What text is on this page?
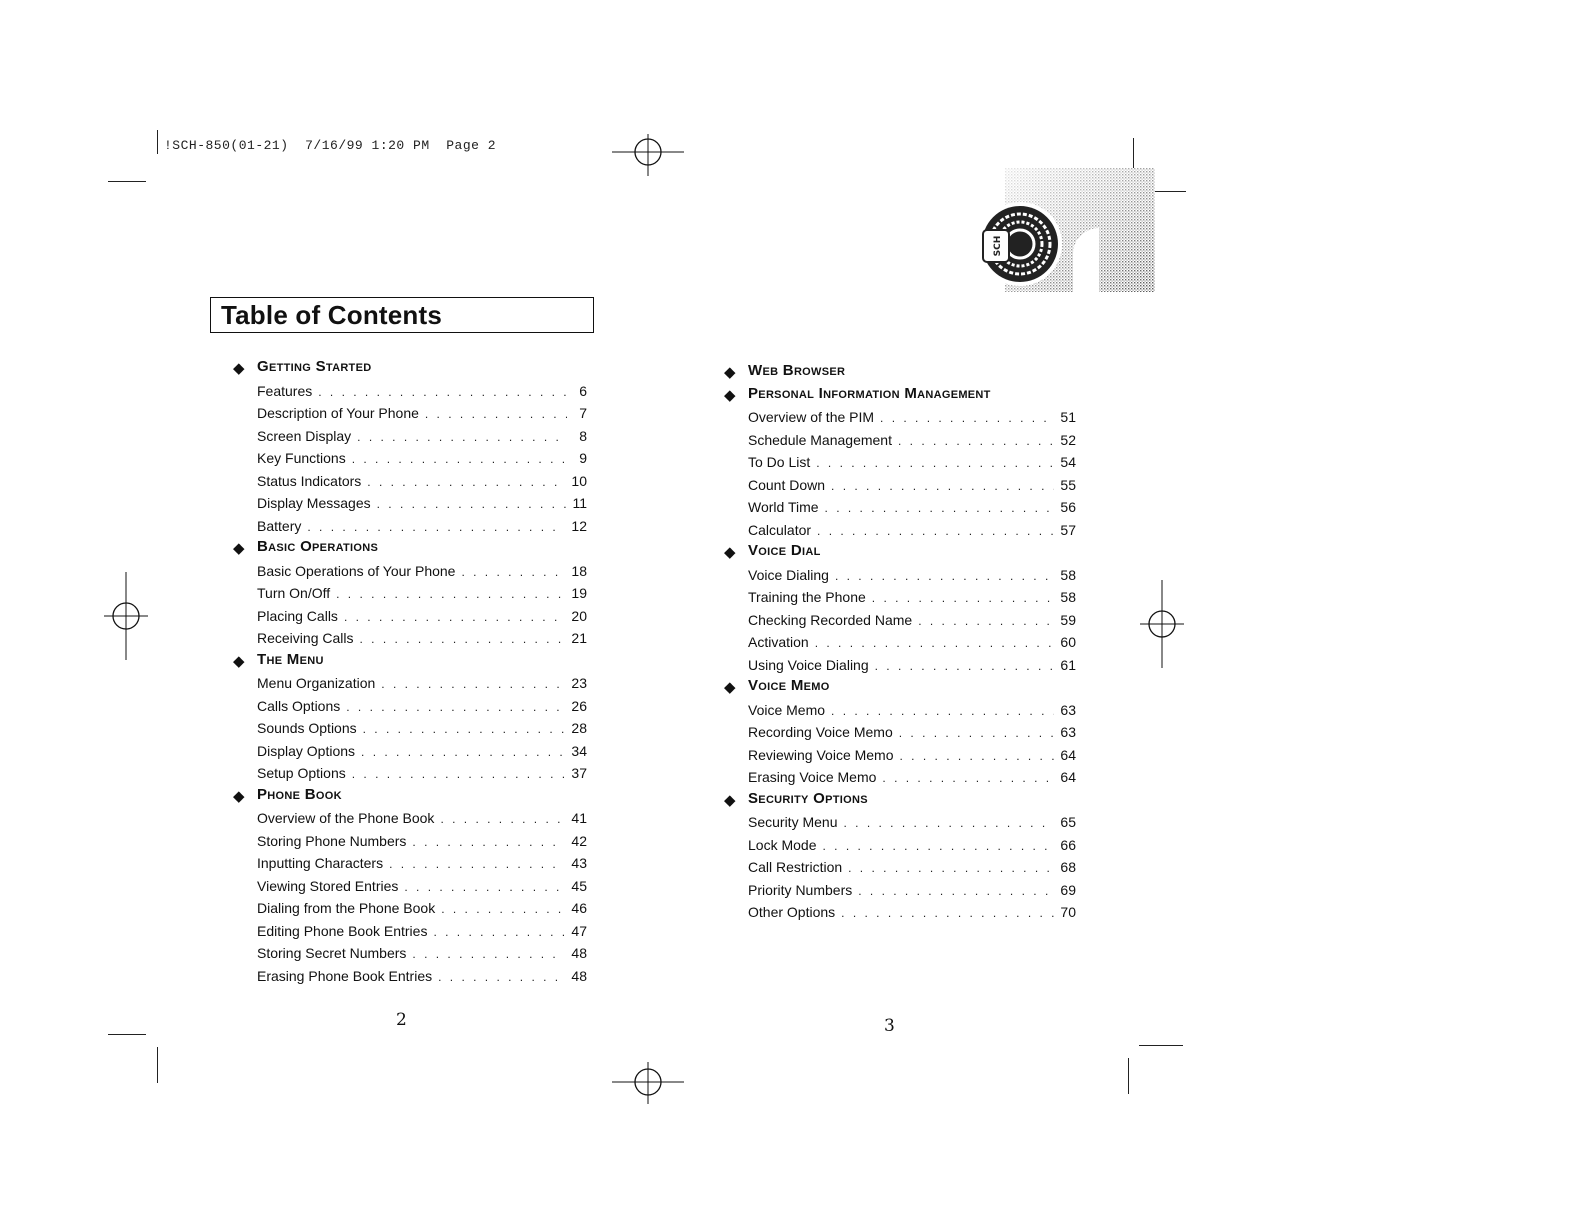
!SCH-850(01-21)  7/16/99 1:20 PM  Page 2
SCH
Table of Contents
◆ Getting Started
Features . . .	6
Description of Your Phone . . .	7
Screen Display . . .	8
Key Functions . . .	9
Status Indicators . . .	10
Display Messages . . .	11
Battery . . .	12
◆ Basic Operations
Basic Operations of Your Phone . . .	18
Turn On/Off . . .	19
Placing Calls . . .	20
Receiving Calls . . .	21
◆ The Menu
Menu Organization . . .	23
Calls Options . . .	26
Sounds Options . . .	28
Display Options . . .	34
Setup Options . . .	37
◆ Phone Book
Overview of the Phone Book . . .	41
Storing Phone Numbers . . .	42
Inputting Characters . . .	43
Viewing Stored Entries . . .	45
Dialing from the Phone Book . . .	46
Editing Phone Book Entries . . .	47
Storing Secret Numbers . . .	48
Erasing Phone Book Entries . . .	48
◆ Web Browser
◆ Personal Information Management
Overview of the PIM . . .	51
Schedule Management . . .	52
To Do List . . .	54
Count Down . . .	55
World Time . . .	56
Calculator . . .	57
◆ Voice Dial
Voice Dialing . . .	58
Training the Phone . . .	58
Checking Recorded Name . . .	59
Activation . . .	60
Using Voice Dialing . . .	61
◆ Voice Memo
Voice Memo . . .	63
Recording Voice Memo . . .	63
Reviewing Voice Memo . . .	64
Erasing Voice Memo . . .	64
◆ Security Options
Security Menu . . .	65
Lock Mode . . .	66
Call Restriction . . .	68
Priority Numbers . . .	69
Other Options . . .	70
2	3
